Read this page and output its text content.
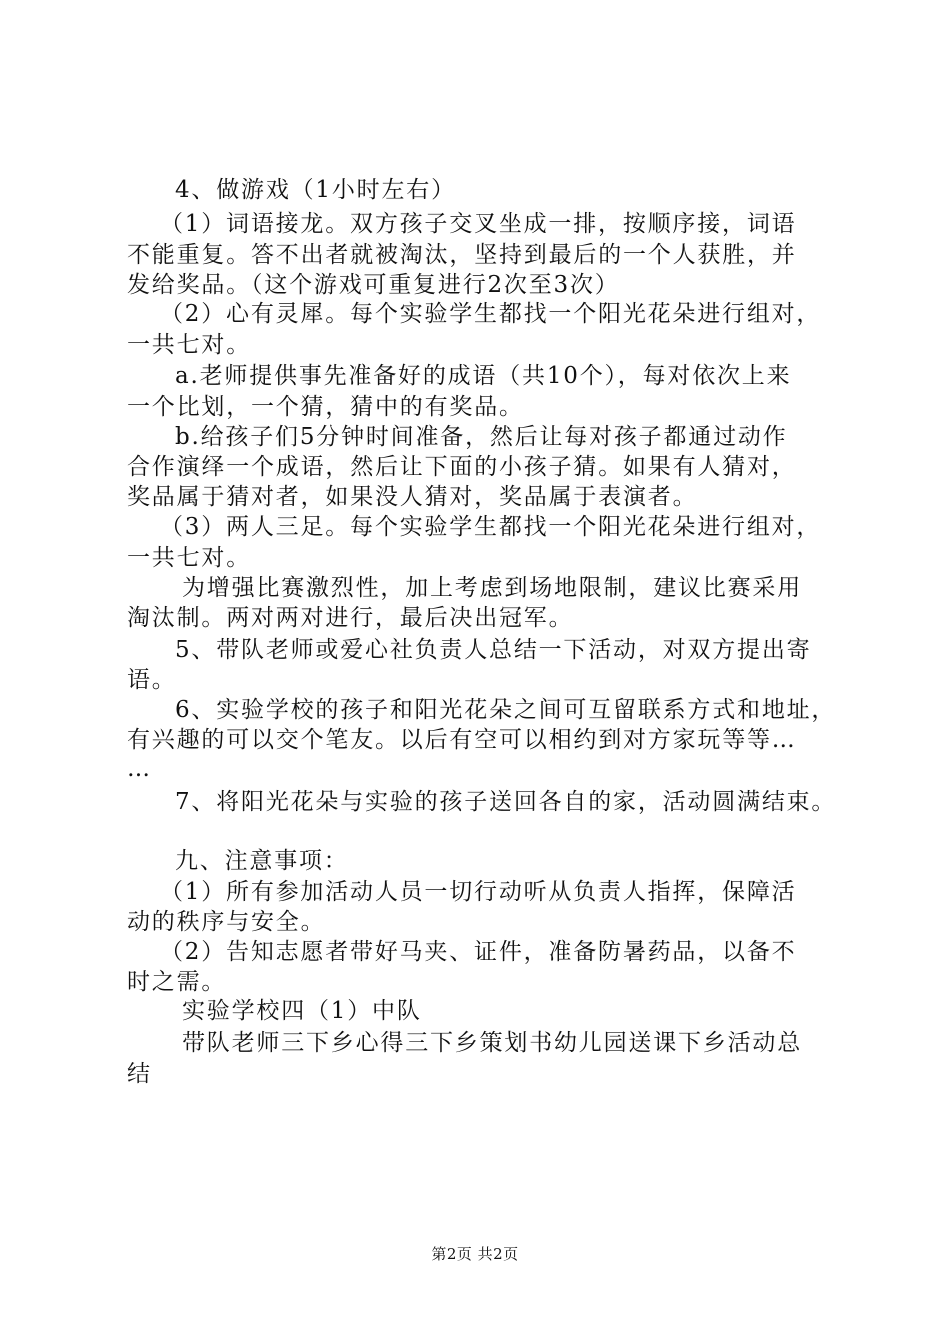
4、做游戏（1小时左右）
（1）词语接龙。双方孩子交叉坐成一排，按顺序接，词语
不能重复。答不出者就被淘汰，坚持到最后的一个人获胜，并
发给奖品。（这个游戏可重复进行2次至3次）
（2）心有灵犀。每个实验学生都找一个阳光花朵进行组对，
一共七对。
a.老师提供事先准备好的成语（共10个），每对依次上来
一个比划，一个猜，猜中的有奖品。
b.给孩子们5分钟时间准备，然后让每对孩子都通过动作
合作演绎一个成语，然后让下面的小孩子猜。如果有人猜对，
奖品属于猜对者，如果没人猜对，奖品属于表演者。
（3）两人三足。每个实验学生都找一个阳光花朵进行组对，
一共七对。
为增强比赛激烈性，加上考虑到场地限制，建议比赛采用
淘汰制。两对两对进行，最后决出冠军。
5、带队老师或爱心社负责人总结一下活动，对双方提出寄
语。
6、实验学校的孩子和阳光花朵之间可互留联系方式和地址，
有兴趣的可以交个笔友。以后有空可以相约到对方家玩等等…
…
7、将阳光花朵与实验的孩子送回各自的家，活动圆满结束。
九、注意事项：
（1）所有参加活动人员一切行动听从负责人指挥，保障活
动的秩序与安全。
（2）告知志愿者带好马夹、证件，准备防暑药品，以备不
时之需。
实验学校四（1）中队
带队老师三下乡心得三下乡策划书幼儿园送课下乡活动总
结
第2页 共2页
